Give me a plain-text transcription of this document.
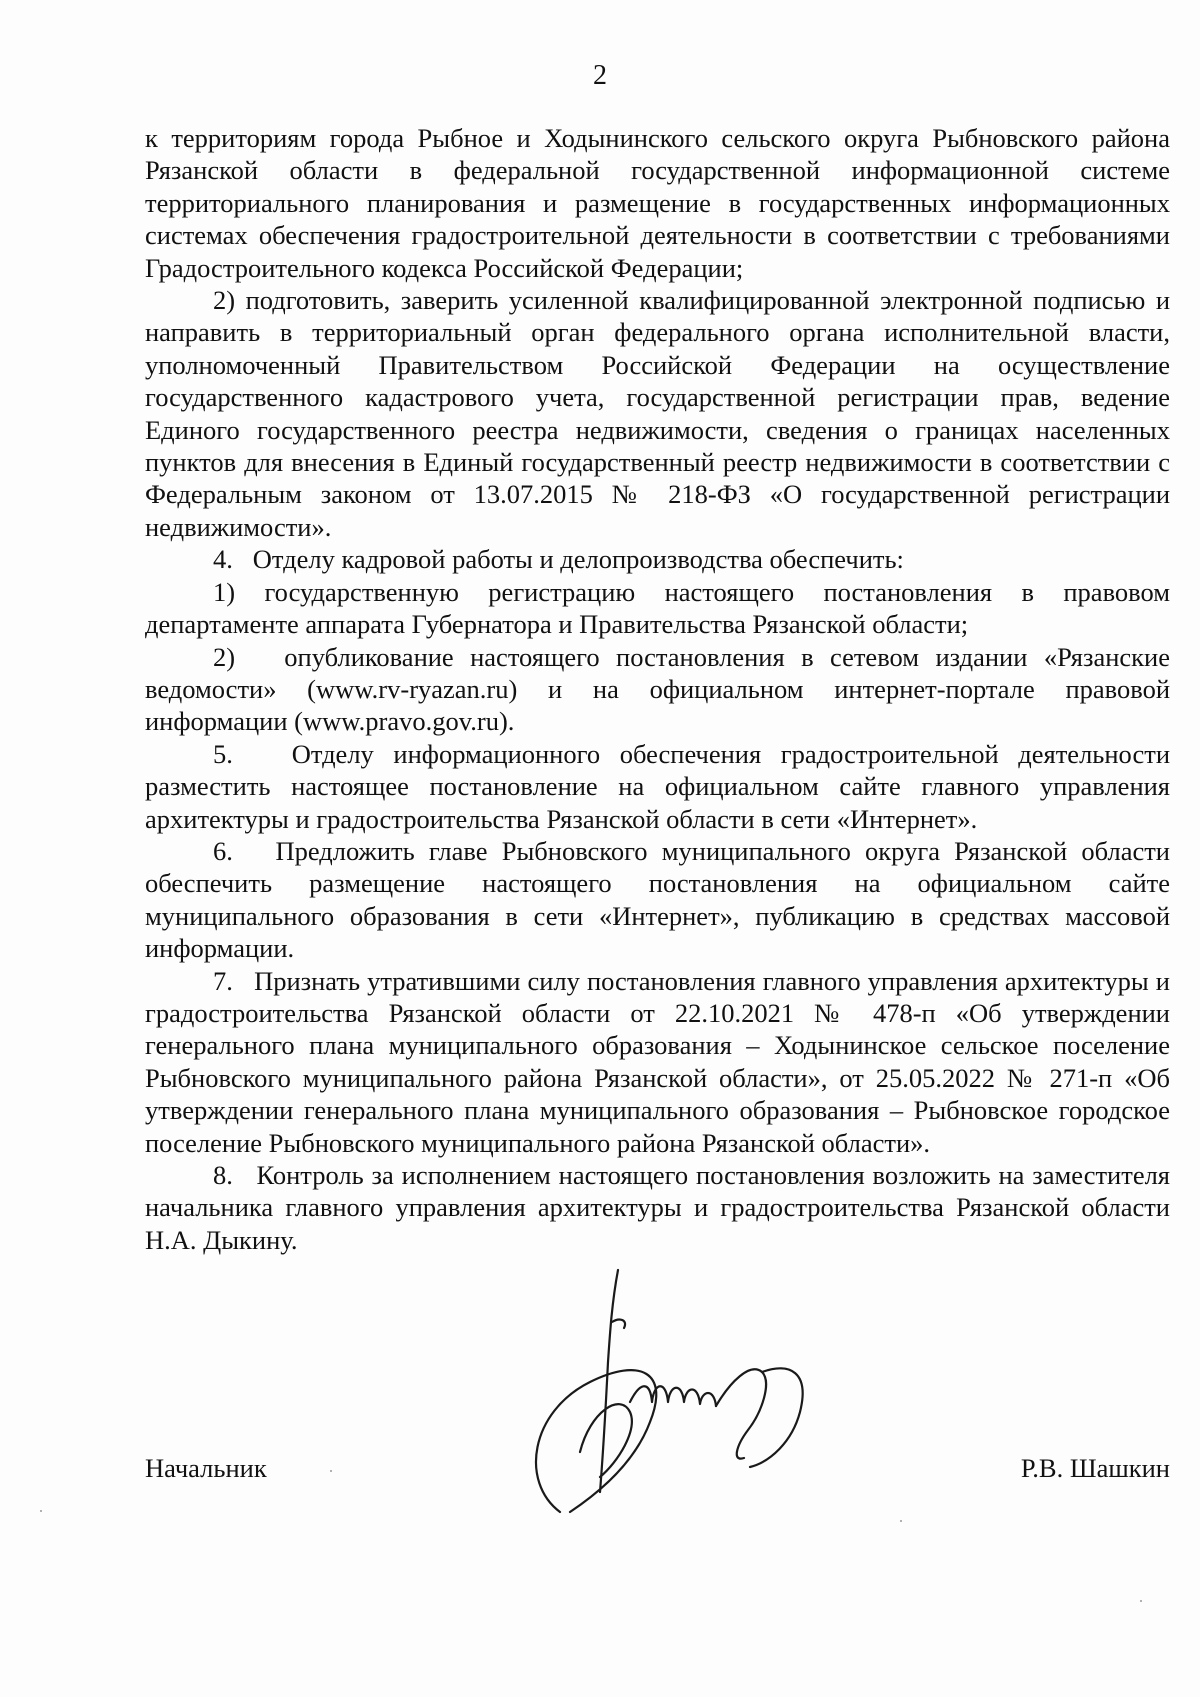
2

к территориям города Рыбное и Ходынинского сельского округа Рыбновского района Рязанской области в федеральной государственной информационной системе территориального планирования и размещение в государственных информационных системах обеспечения градостроительной деятельности в соответствии с требованиями Градостроительного кодекса Российской Федерации;

2) подготовить, заверить усиленной квалифицированной электронной подписью и направить в территориальный орган федерального органа исполнительной власти, уполномоченный Правительством Российской Федерации на осуществление государственного кадастрового учета, государственной регистрации прав, ведение Единого государственного реестра недвижимости, сведения о границах населенных пунктов для внесения в Единый государственный реестр недвижимости в соответствии с Федеральным законом от 13.07.2015 № 218-ФЗ «О государственной регистрации недвижимости».

4.   Отделу кадровой работы и делопроизводства обеспечить:

1) государственную регистрацию настоящего постановления в правовом департаменте аппарата Губернатора и Правительства Рязанской области;

2)   опубликование настоящего постановления в сетевом издании «Рязанские ведомости» (www.rv-ryazan.ru) и на официальном интернет-портале правовой информации (www.pravo.gov.ru).

5.   Отделу информационного обеспечения градостроительной деятельности разместить настоящее постановление на официальном сайте главного управления архитектуры и градостроительства Рязанской области в сети «Интернет».

6.   Предложить главе Рыбновского муниципального округа Рязанской области обеспечить размещение настоящего постановления на официальном сайте муниципального образования в сети «Интернет», публикацию в средствах массовой информации.

7.   Признать утратившими силу постановления главного управления архитектуры и градостроительства Рязанской области от 22.10.2021 № 478-п «Об утверждении генерального плана муниципального образования – Ходынинское сельское поселение Рыбновского муниципального района Рязанской области», от 25.05.2022 № 271-п «Об утверждении генерального плана муниципального образования – Рыбновское городское поселение Рыбновского муниципального района Рязанской области».

8.   Контроль за исполнением настоящего постановления возложить на заместителя начальника главного управления архитектуры и градостроительства Рязанской области Н.А. Дыкину.

Начальник	Р.В. Шашкин
